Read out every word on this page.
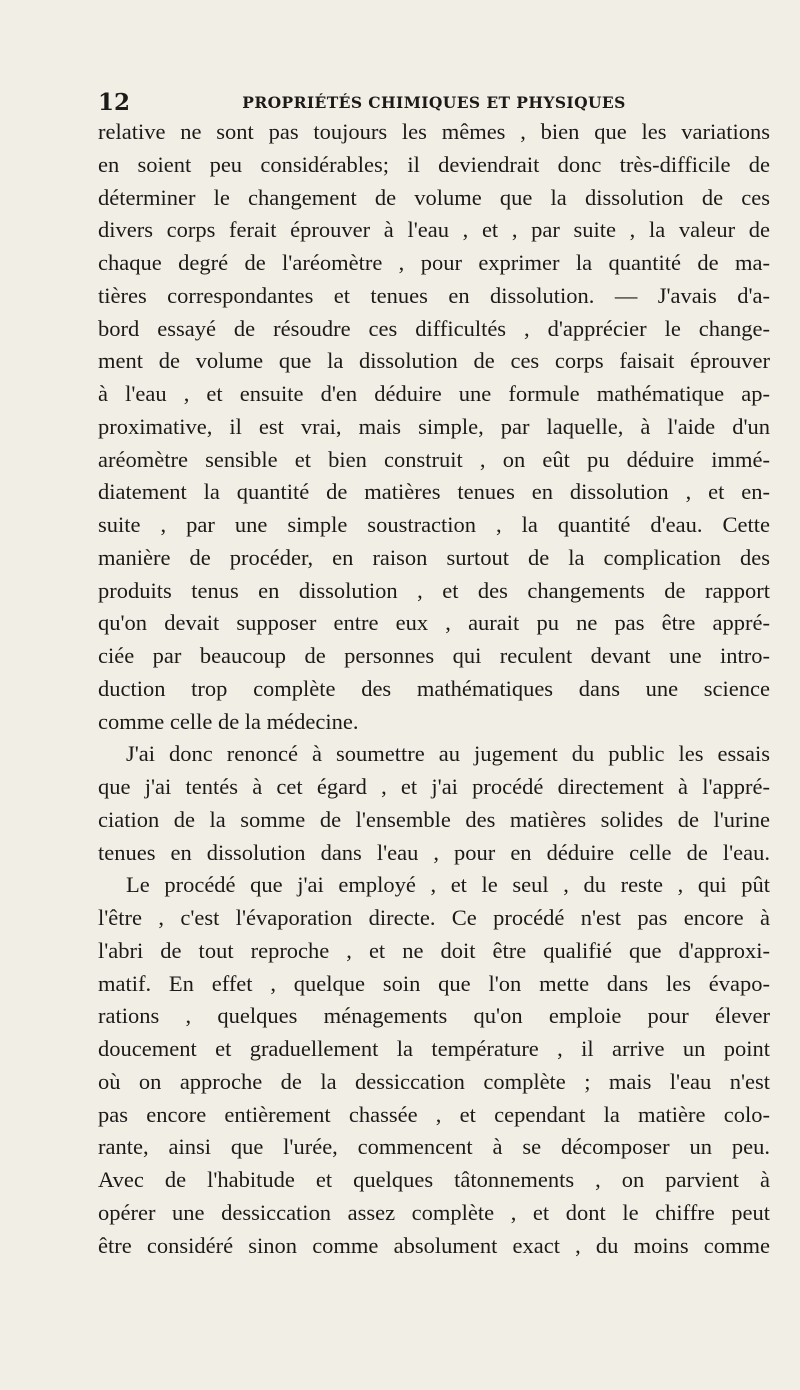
12	PROPRIÉTÉS CHIMIQUES ET PHYSIQUES
relative ne sont pas toujours les mêmes , bien que les variations
en soient peu considérables; il deviendrait donc très-difficile de
déterminer le changement de volume que la dissolution de ces
divers corps ferait éprouver à l'eau , et , par suite , la valeur de
chaque degré de l'aréomètre , pour exprimer la quantité de ma-
tières correspondantes et tenues en dissolution. — J'avais d'a-
bord essayé de résoudre ces difficultés , d'apprécier le change-
ment de volume que la dissolution de ces corps faisait éprouver
à l'eau , et ensuite d'en déduire une formule mathématique ap-
proximative, il est vrai, mais simple, par laquelle, à l'aide d'un
aréomètre sensible et bien construit , on eût pu déduire immé-
diatement la quantité de matières tenues en dissolution , et en-
suite , par une simple soustraction , la quantité d'eau. Cette
manière de procéder, en raison surtout de la complication des
produits tenus en dissolution , et des changements de rapport
qu'on devait supposer entre eux , aurait pu ne pas être appré-
ciée par beaucoup de personnes qui reculent devant une intro-
duction trop complète des mathématiques dans une science
comme celle de la médecine.
J'ai donc renoncé à soumettre au jugement du public les essais
que j'ai tentés à cet égard , et j'ai procédé directement à l'appré-
ciation de la somme de l'ensemble des matières solides de l'urine
tenues en dissolution dans l'eau , pour en déduire celle de l'eau.
Le procédé que j'ai employé , et le seul , du reste , qui pût
l'être , c'est l'évaporation directe. Ce procédé n'est pas encore à
l'abri de tout reproche , et ne doit être qualifié que d'approxi-
matif. En effet , quelque soin que l'on mette dans les évapo-
rations , quelques ménagements qu'on emploie pour élever
doucement et graduellement la température , il arrive un point
où on approche de la dessiccation complète ; mais l'eau n'est
pas encore entièrement chassée , et cependant la matière colo-
rante, ainsi que l'urée, commencent à se décomposer un peu.
Avec de l'habitude et quelques tâtonnements , on parvient à
opérer une dessiccation assez complète , et dont le chiffre peut
être considéré sinon comme absolument exact , du moins comme
